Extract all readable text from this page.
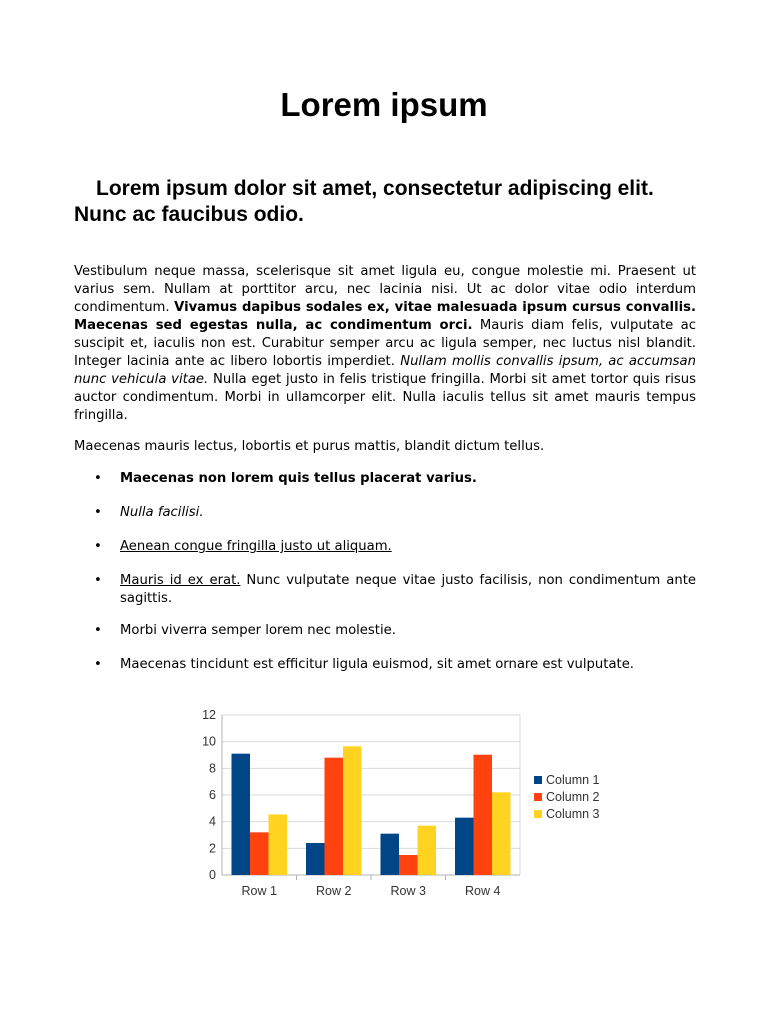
Lorem ipsum
Lorem ipsum dolor sit amet, consectetur adipiscing elit. Nunc ac faucibus odio.

Vestibulum neque massa, scelerisque sit amet ligula eu, congue molestie mi. Praesent ut varius sem. Nullam at porttitor arcu, nec lacinia nisi. Ut ac dolor vitae odio interdum condimentum. Vivamus dapibus sodales ex, vitae malesuada ipsum cursus convallis. Maecenas sed egestas nulla, ac condimentum orci. Mauris diam felis, vulputate ac suscipit et, iaculis non est. Curabitur semper arcu ac ligula semper, nec luctus nisl blandit. Integer lacinia ante ac libero lobortis imperdiet. Nullam mollis convallis ipsum, ac accumsan nunc vehicula vitae. Nulla eget justo in felis tristique fringilla. Morbi sit amet tortor quis risus auctor condimentum. Morbi in ullamcorper elit. Nulla iaculis tellus sit amet mauris tempus fringilla.

Maecenas mauris lectus, lobortis et purus mattis, blandit dictum tellus.

• Maecenas non lorem quis tellus placerat varius.
• Nulla facilisi.
• Aenean congue fringilla justo ut aliquam.
• Mauris id ex erat. Nunc vulputate neque vitae justo facilisis, non condimentum ante sagittis.
• Morbi viverra semper lorem nec molestie.
• Maecenas tincidunt est efficitur ligula euismod, sit amet ornare est vulputate.
0
2
4
6
8
10
12
Row 1	Row 2	Row 3	Row 4
Column 1
Column 2
Column 3
